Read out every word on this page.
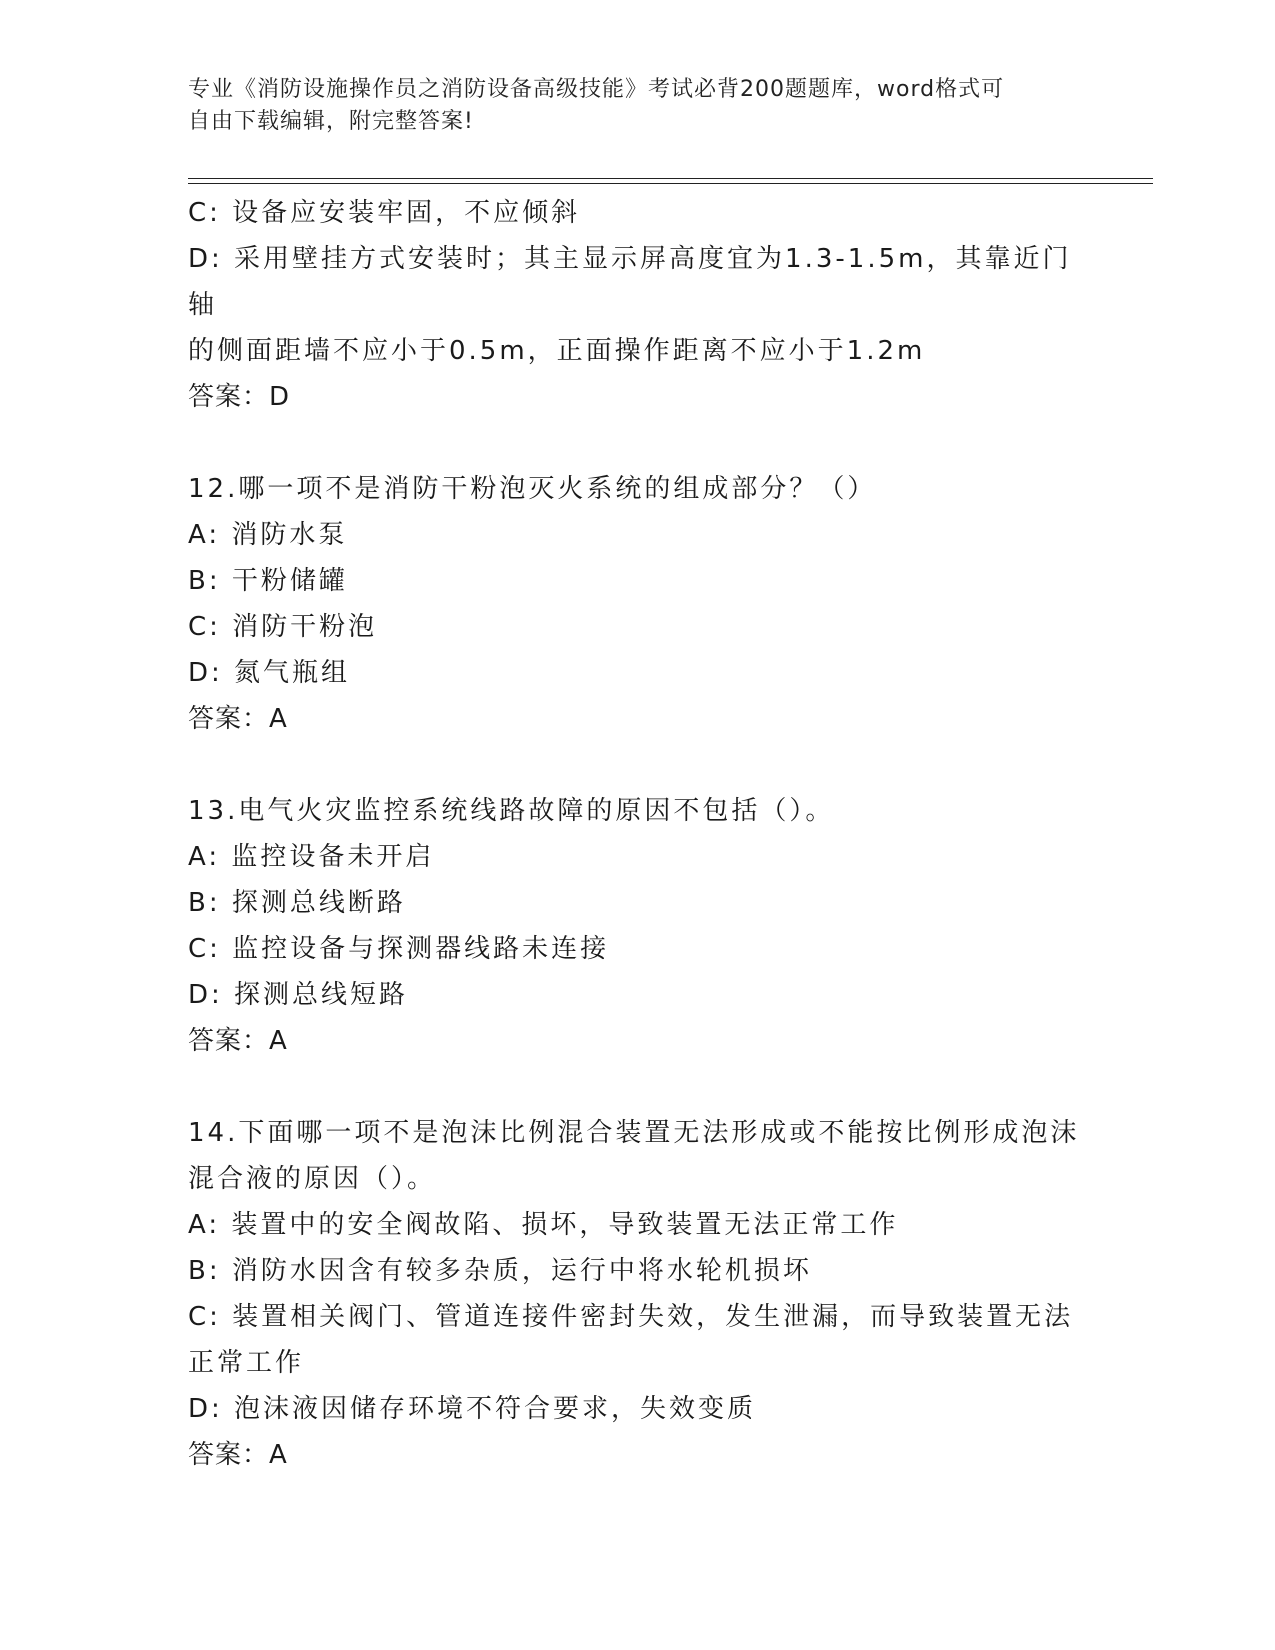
专业《消防设施操作员之消防设备高级技能》考试必背200题题库，word格式可
自由下载编辑，附完整答案!
C: 设备应安装牢固，不应倾斜
D: 采用壁挂方式安装时；其主显示屏高度宜为1.3-1.5m，其靠近门轴
的侧面距墙不应小于0.5m，正面操作距离不应小于1.2m
答案：D
12.哪一项不是消防干粉泡灭火系统的组成部分？（）
A: 消防水泵
B: 干粉储罐
C: 消防干粉泡
D: 氮气瓶组
答案：A
13.电气火灾监控系统线路故障的原因不包括（）。
A: 监控设备未开启
B: 探测总线断路
C: 监控设备与探测器线路未连接
D: 探测总线短路
答案：A
14.下面哪一项不是泡沫比例混合装置无法形成或不能按比例形成泡沫
混合液的原因（）。
A: 装置中的安全阀故陷、损坏，导致装置无法正常工作
B: 消防水因含有较多杂质，运行中将水轮机损坏
C: 装置相关阀门、管道连接件密封失效，发生泄漏，而导致装置无法
正常工作
D: 泡沫液因储存环境不符合要求，失效变质
答案：A
